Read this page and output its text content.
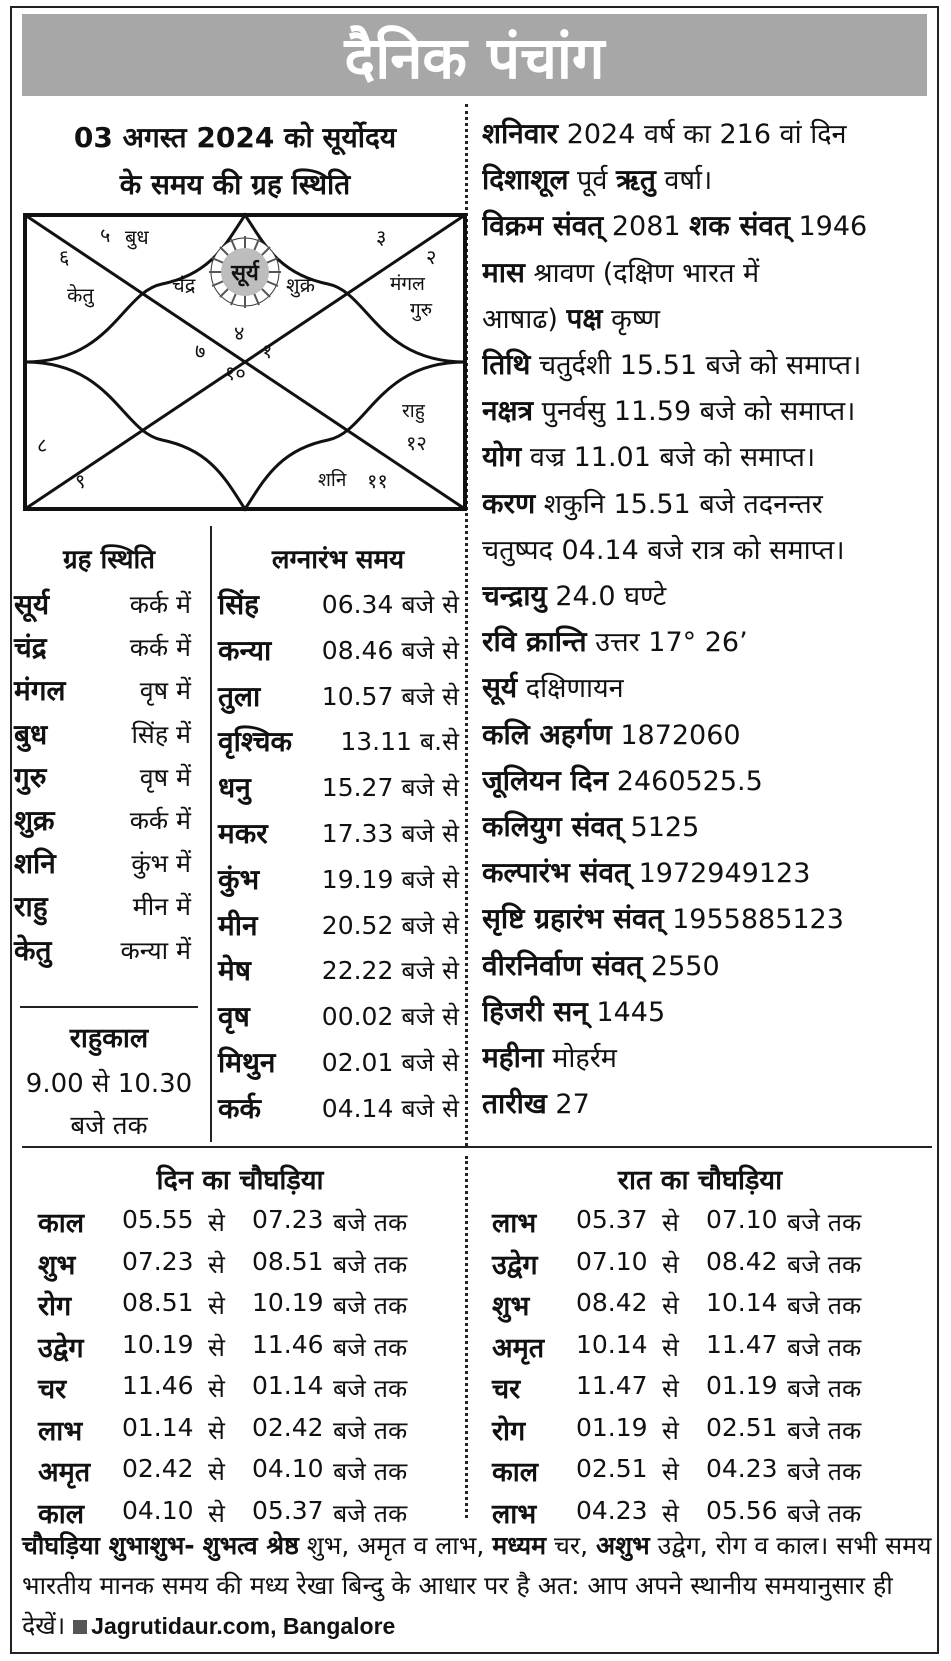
दैनिक पंचांग
03 अगस्त 2024 को सूर्योदय
के समय की ग्रह स्थिति
सूर्य
५ बुध
६
केतु	चंद्र	शुक्र
३
२
मंगल
गुरु
४
७	१
१०
राहु
१२
८
९	शनि ११
ग्रह स्थिति
सूर्य	कर्क में
चंद्र	कर्क में
मंगल	वृष में
बुध	सिंह में
गुरु	वृष में
शुक्र	कर्क में
शनि	कुंभ में
राहु	मीन में
केतु	कन्या में
राहुकाल
9.00 से 10.30
बजे तक
लग्नारंभ समय
सिंह	06.34 बजे से
कन्या 08.46 बजे से
तुला 10.57 बजे से
वृश्चिक 13.11 ब.से
धनु	15.27 बजे से
मकर 17.33 बजे से
कुंभ	19.19 बजे से
मीन	20.52 बजे से
मेष	22.22 बजे से
वृष	00.02 बजे से
मिथुन 02.01 बजे से
कर्क 04.14 बजे से
शनिवार 2024 वर्ष का 216 वां दिन
दिशाशूल पूर्व ऋतु वर्षा।
विक्रम संवत् 2081 शक संवत् 1946
मास श्रावण (दक्षिण भारत में
आषाढ) पक्ष कृष्ण
तिथि चतुर्दशी 15.51 बजे को समाप्त।
नक्षत्र पुनर्वसु 11.59 बजे को समाप्त।
योग वज्र 11.01 बजे को समाप्त।
करण शकुनि 15.51 बजे तदनन्तर
चतुष्पद 04.14 बजे रात्र को समाप्त।
चन्द्रायु 24.0 घण्टे
रवि क्रान्ति उत्तर 17° 26’
सूर्य दक्षिणायन
कलि अहर्गण 1872060
जूलियन दिन 2460525.5
कलियुग संवत् 5125
कल्पारंभ संवत् 1972949123
सृष्टि ग्रहारंभ संवत् 1955885123
वीरनिर्वाण संवत् 2550
हिजरी सन् 1445
महीना मोहर्रम
तारीख 27
दिन का चौघड़िया	रात का चौघड़िया
काल 05.55 से 07.23 बजे तक
शुभ 07.23 से 08.51 बजे तक
रोग 08.51 से 10.19 बजे तक
उद्वेग 10.19 से 11.46 बजे तक
चर 11.46 से 01.14 बजे तक
लाभ 01.14 से 02.42 बजे तक
अमृत 02.42 से 04.10 बजे तक
काल 04.10 से 05.37 बजे तक
लाभ 05.37 से 07.10 बजे तक
उद्वेग 07.10 से 08.42 बजे तक
शुभ 08.42 से 10.14 बजे तक
अमृत 10.14 से 11.47 बजे तक
चर 11.47 से 01.19 बजे तक
रोग 01.19 से 02.51 बजे तक
काल 02.51 से 04.23 बजे तक
लाभ 04.23 से 05.56 बजे तक
चौघड़िया शुभाशुभ- शुभत्व श्रेष्ठ शुभ, अमृत व लाभ, मध्यम चर, अशुभ उद्वेग, रोग व काल। सभी समय भारतीय मानक समय की मध्य रेखा बिन्दु के आधार पर है अत: आप अपने स्थानीय समयानुसार ही देखें। Jagrutidaur.com, Bangalore
